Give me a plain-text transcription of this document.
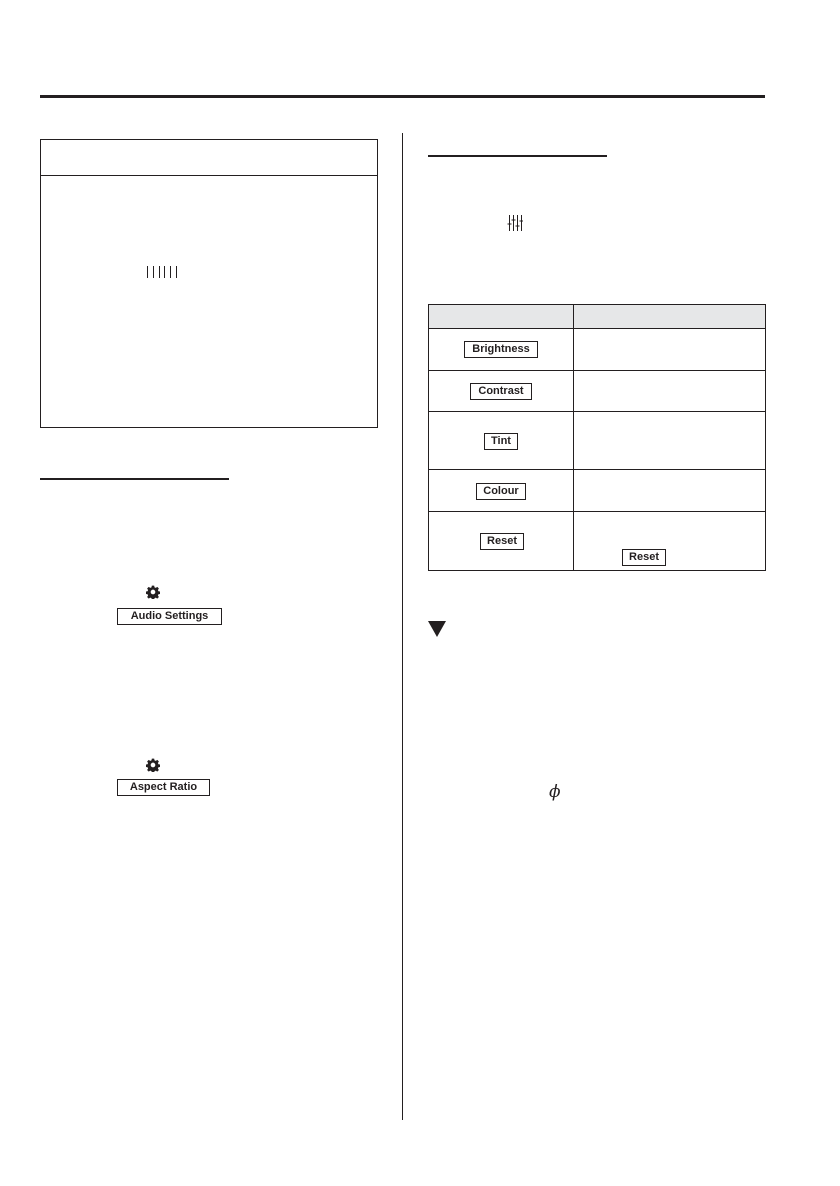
Audio Settings
Aspect Ratio
Brightness
Contrast
Tint
Colour
Reset
Reset
ϕ
